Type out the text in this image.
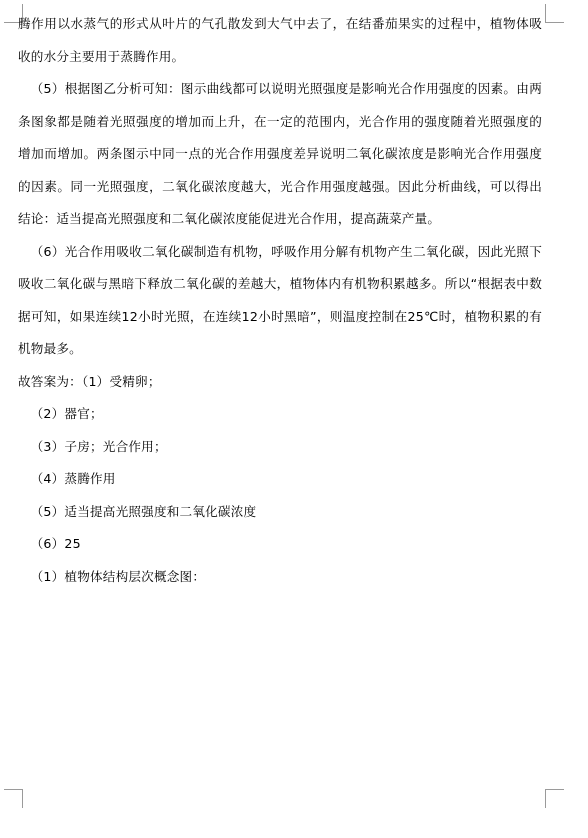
腾作用以水蒸气的形式从叶片的气孔散发到大气中去了，在结番茄果实的过程中，植物体吸收的水分主要用于蒸腾作用。

（5）根据图乙分析可知：图示曲线都可以说明光照强度是影响光合作用强度的因素。由两条图象都是随着光照强度的增加而上升，在一定的范围内，光合作用的强度随着光照强度的增加而增加。两条图示中同一点的光合作用强度差异说明二氧化碳浓度是影响光合作用强度的因素。同一光照强度，二氧化碳浓度越大，光合作用强度越强。因此分析曲线，可以得出结论：适当提高光照强度和二氧化碳浓度能促进光合作用，提高蔬菜产量。

（6）光合作用吸收二氧化碳制造有机物，呼吸作用分解有机物产生二氧化碳，因此光照下吸收二氧化碳与黑暗下释放二氧化碳的差越大，植物体内有机物积累越多。所以“根据表中数据可知，如果连续12小时光照，在连续12小时黑暗”，则温度控制在25℃时，植物积累的有机物最多。

故答案为：（1）受精卵；

（2）器官；

（3）子房；光合作用；

（4）蒸腾作用

（5）适当提高光照强度和二氧化碳浓度

（6）25

（1）植物体结构层次概念图：
